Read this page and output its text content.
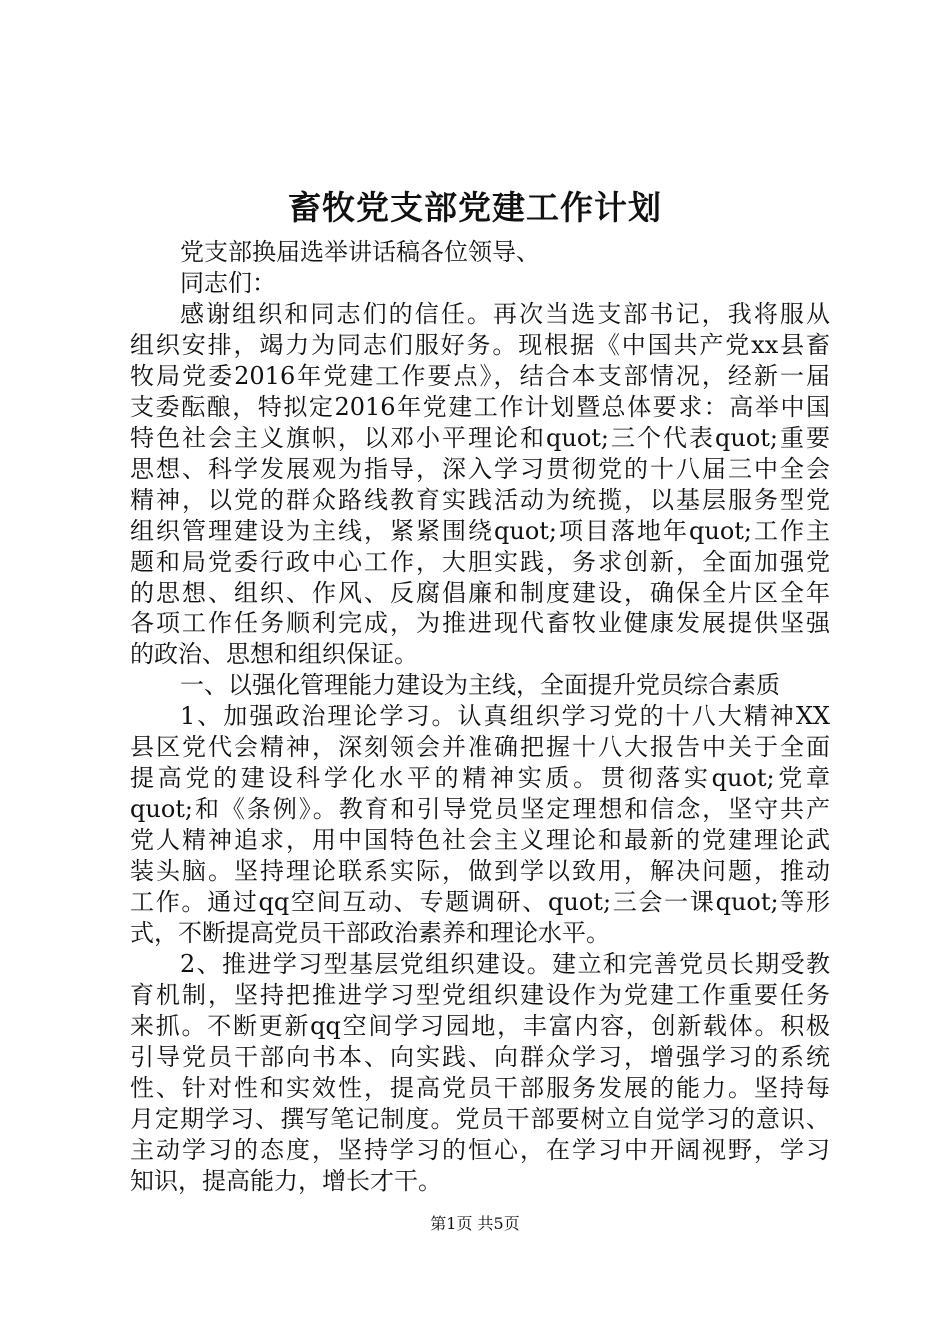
畜牧党支部党建工作计划
党支部换届选举讲话稿各位领导、
同志们：
感谢组织和同志们的信任。再次当选支部书记，我将服从
组织安排，竭力为同志们服好务。现根据《中国共产党xx县畜
牧局党委2016年党建工作要点》，结合本支部情况，经新一届
支委酝酿，特拟定2016年党建工作计划暨总体要求：高举中国
特色社会主义旗帜，以邓小平理论和quot;三个代表quot;重要
思想、科学发展观为指导，深入学习贯彻党的十八届三中全会
精神，以党的群众路线教育实践活动为统揽，以基层服务型党
组织管理建设为主线，紧紧围绕quot;项目落地年quot;工作主
题和局党委行政中心工作，大胆实践，务求创新，全面加强党
的思想、组织、作风、反腐倡廉和制度建设，确保全片区全年
各项工作任务顺利完成，为推进现代畜牧业健康发展提供坚强
的政治、思想和组织保证。
一、以强化管理能力建设为主线，全面提升党员综合素质
1、加强政治理论学习。认真组织学习党的十八大精神XX
县区党代会精神，深刻领会并准确把握十八大报告中关于全面
提高党的建设科学化水平的精神实质。贯彻落实quot;党章
quot;和《条例》。教育和引导党员坚定理想和信念，坚守共产
党人精神追求，用中国特色社会主义理论和最新的党建理论武
装头脑。坚持理论联系实际，做到学以致用，解决问题，推动
工作。通过qq空间互动、专题调研、quot;三会一课quot;等形
式，不断提高党员干部政治素养和理论水平。
2、推进学习型基层党组织建设。建立和完善党员长期受教
育机制，坚持把推进学习型党组织建设作为党建工作重要任务
来抓。不断更新qq空间学习园地，丰富内容，创新载体。积极
引导党员干部向书本、向实践、向群众学习，增强学习的系统
性、针对性和实效性，提高党员干部服务发展的能力。坚持每
月定期学习、撰写笔记制度。党员干部要树立自觉学习的意识、
主动学习的态度，坚持学习的恒心，在学习中开阔视野，学习
知识，提高能力，增长才干。
第1页 共5页
